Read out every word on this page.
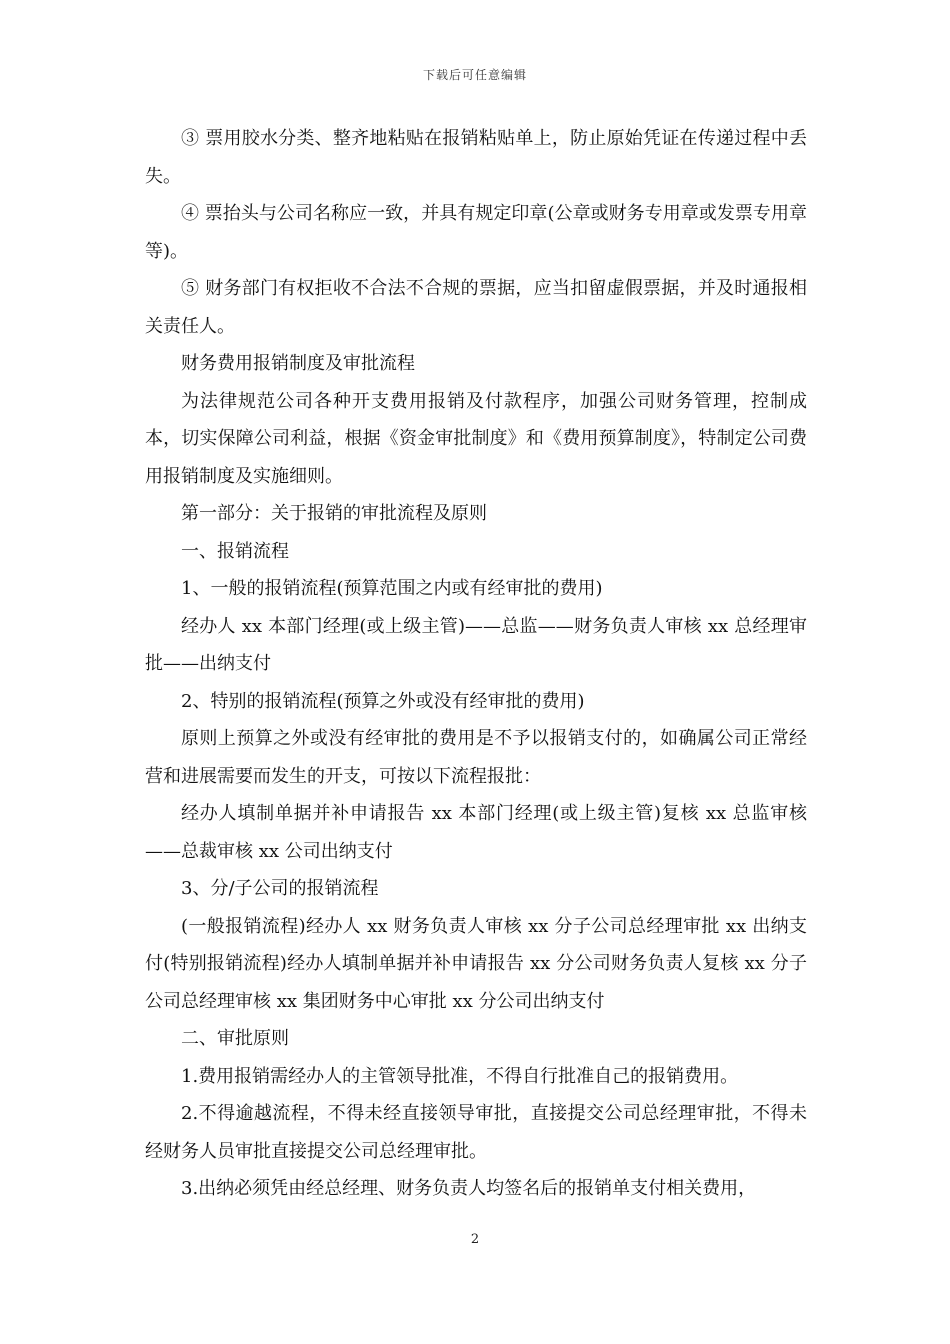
下载后可任意编辑

③ 票用胶水分类、整齐地粘贴在报销粘贴单上，防止原始凭证在传递过程中丢失。

④ 票抬头与公司名称应一致，并具有规定印章(公章或财务专用章或发票专用章等)。

⑤ 财务部门有权拒收不合法不合规的票据，应当扣留虚假票据，并及时通报相关责任人。

财务费用报销制度及审批流程

为法律规范公司各种开支费用报销及付款程序，加强公司财务管理，控制成本，切实保障公司利益，根据《资金审批制度》和《费用预算制度》，特制定公司费用报销制度及实施细则。

第一部分：关于报销的审批流程及原则

一、报销流程

1、一般的报销流程(预算范围之内或有经审批的费用)

经办人 xx 本部门经理(或上级主管)——总监——财务负责人审核 xx 总经理审批——出纳支付

2、特别的报销流程(预算之外或没有经审批的费用)

原则上预算之外或没有经审批的费用是不予以报销支付的，如确属公司正常经营和进展需要而发生的开支，可按以下流程报批：

经办人填制单据并补申请报告 xx 本部门经理(或上级主管)复核 xx 总监审核——总裁审核 xx 公司出纳支付

3、分/子公司的报销流程

(一般报销流程)经办人 xx 财务负责人审核 xx 分子公司总经理审批 xx 出纳支付(特别报销流程)经办人填制单据并补申请报告 xx 分公司财务负责人复核 xx 分子公司总经理审核 xx 集团财务中心审批 xx 分公司出纳支付

二、审批原则

1.费用报销需经办人的主管领导批准，不得自行批准自己的报销费用。

2.不得逾越流程，不得未经直接领导审批，直接提交公司总经理审批，不得未经财务人员审批直接提交公司总经理审批。

3.出纳必须凭由经总经理、财务负责人均签名后的报销单支付相关费用，

2
